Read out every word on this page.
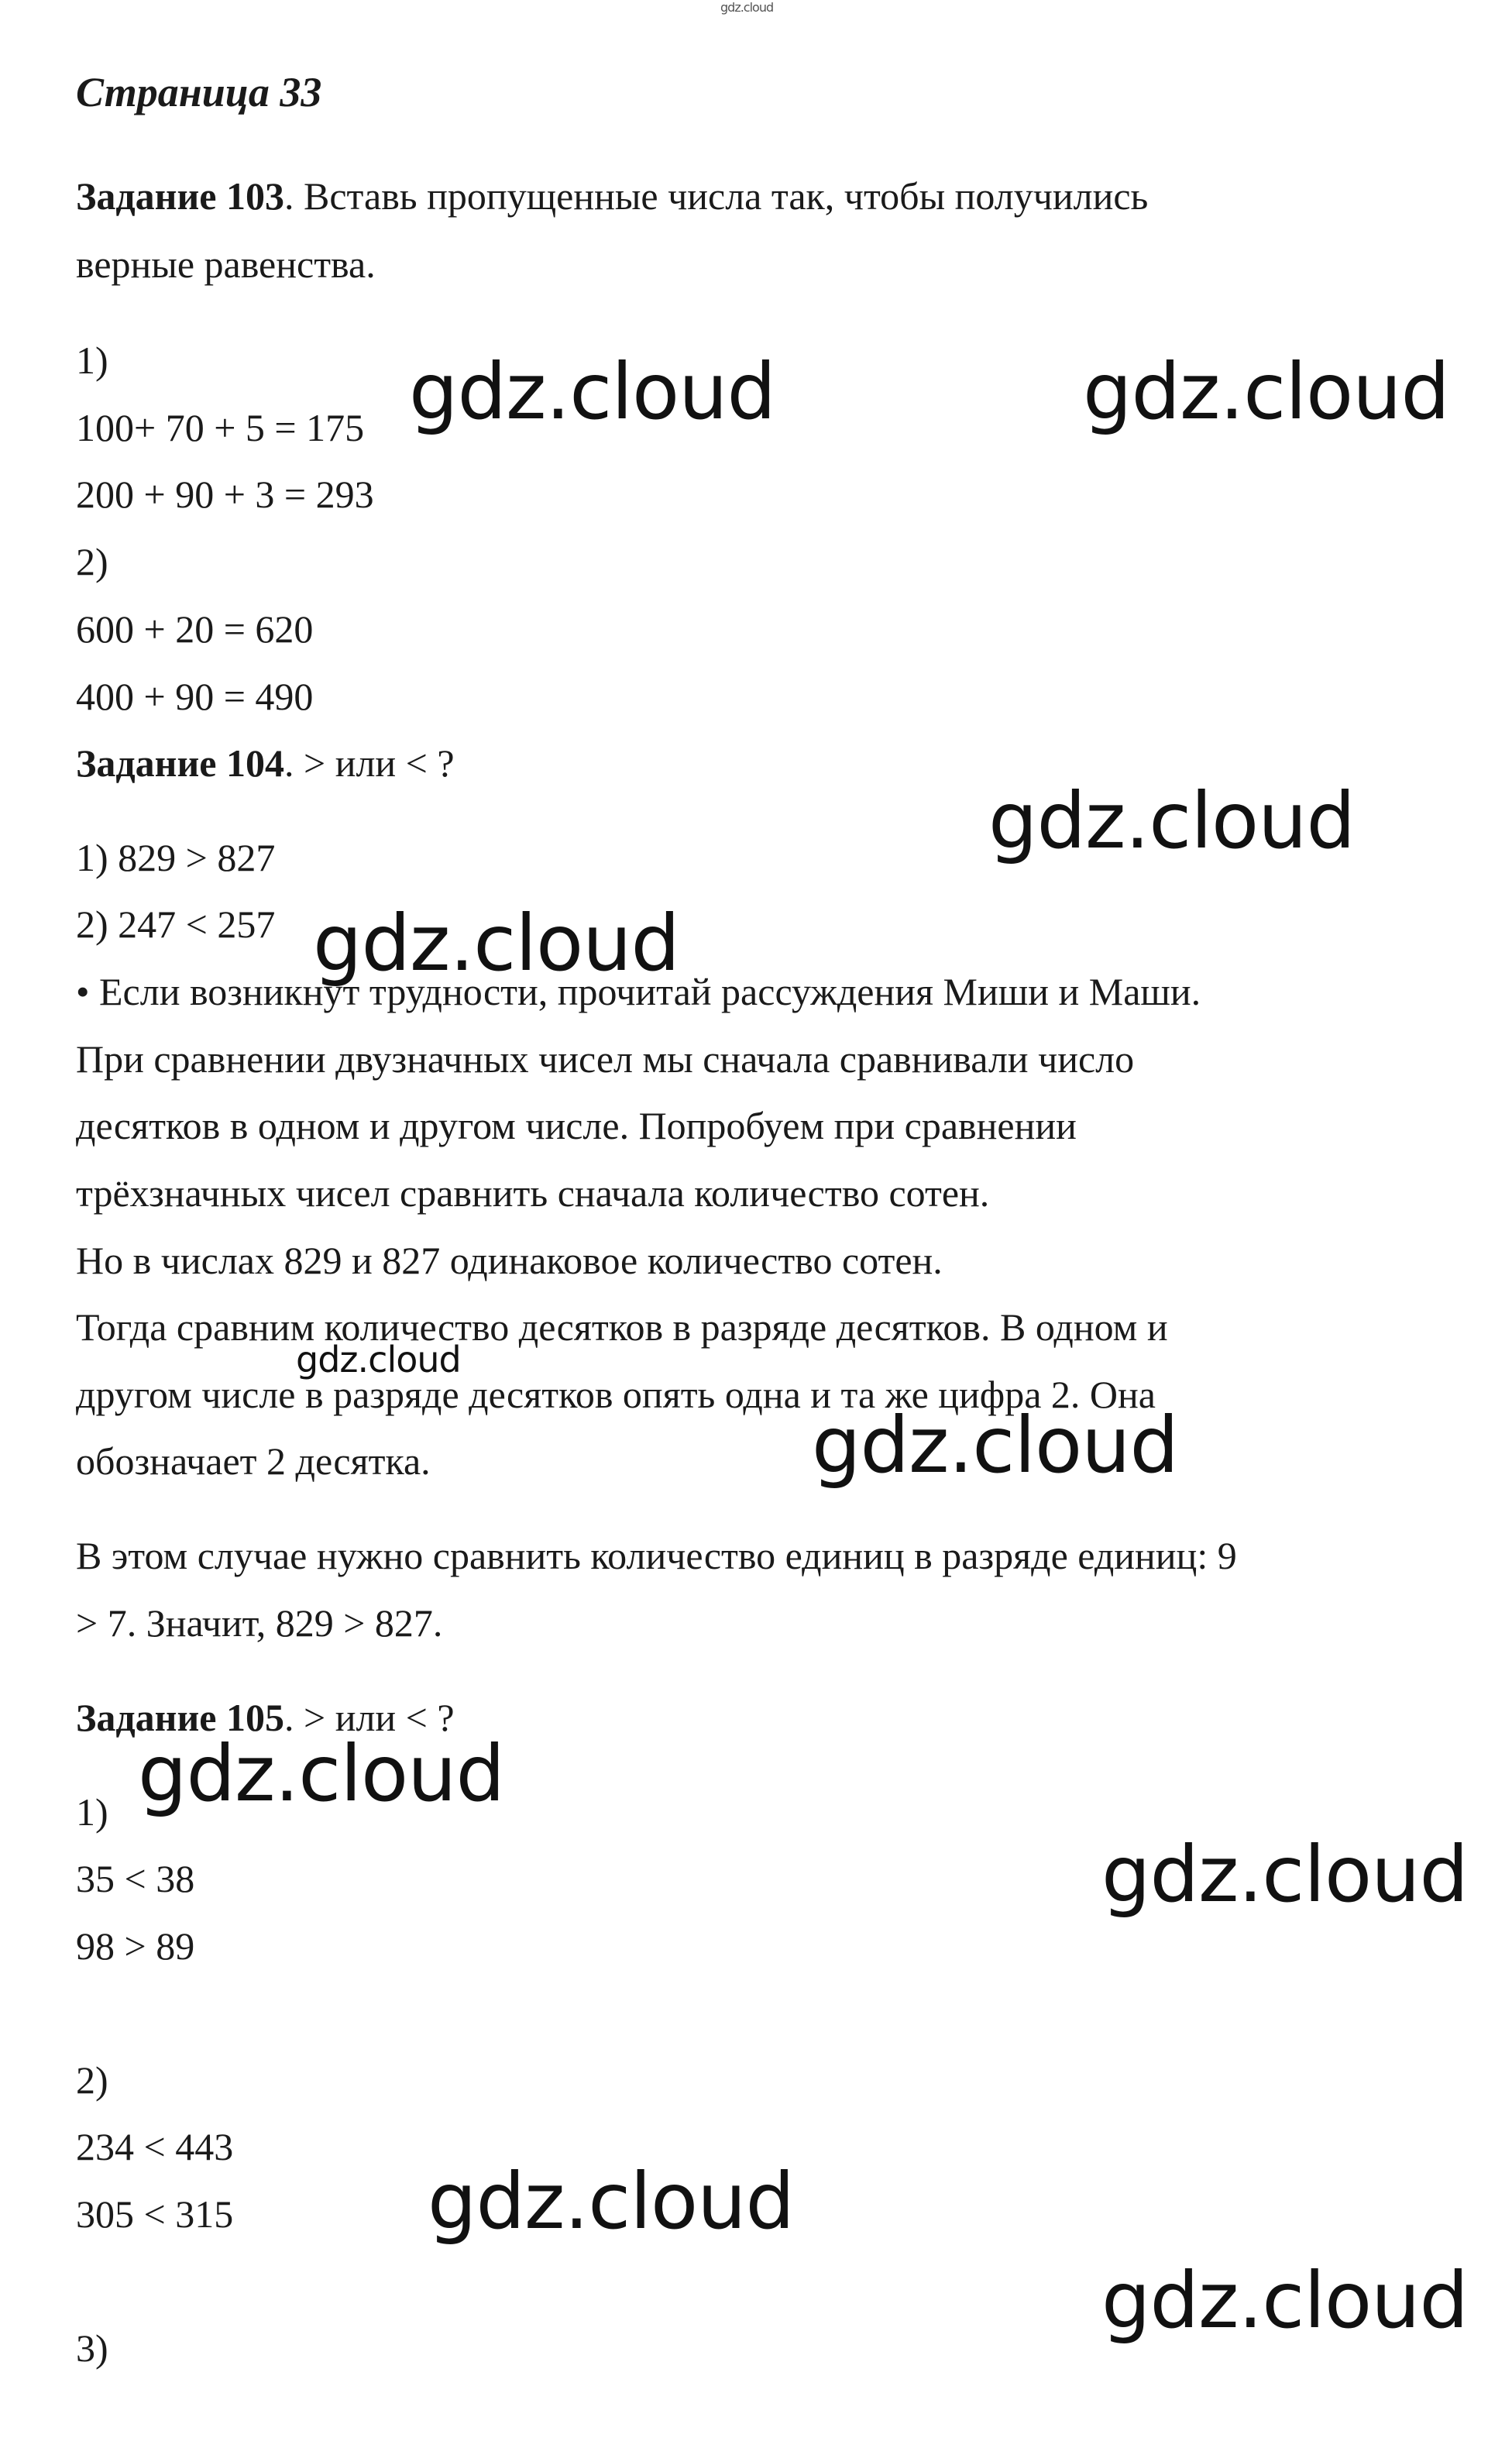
Страница 33
Задание 103. Вставь пропущенные числа так, чтобы получились
верные равенства.
1)
100+ 70 + 5 = 175
200 + 90 + 3 = 293
2)
600 + 20 = 620
400 + 90 = 490
Задание 104. > или < ?
1) 829 > 827
2) 247 < 257
• Если возникнут трудности, прочитай рассуждения Миши и Маши.
При сравнении двузначных чисел мы сначала сравнивали число
десятков в одном и другом числе. Попробуем при сравнении
трёхзначных чисел сравнить сначала количество сотен.
Но в числах 829 и 827 одинаковое количество сотен.
Тогда сравним количество десятков в разряде десятков. В одном и
другом числе в разряде десятков опять одна и та же цифра 2. Она
обозначает 2 десятка.
В этом случае нужно сравнить количество единиц в разряде единиц: 9
> 7. Значит, 829 > 827.
Задание 105. > или < ?
1)
35 < 38
98 > 89
2)
234 < 443
305 < 315
3)
gdz.cloud
gdz.cloud	gdz.cloud
gdz.cloud
gdz.cloud
gdz.cloud
gdz.cloud
gdz.cloud
gdz.cloud
gdz.cloud
gdz.cloud
